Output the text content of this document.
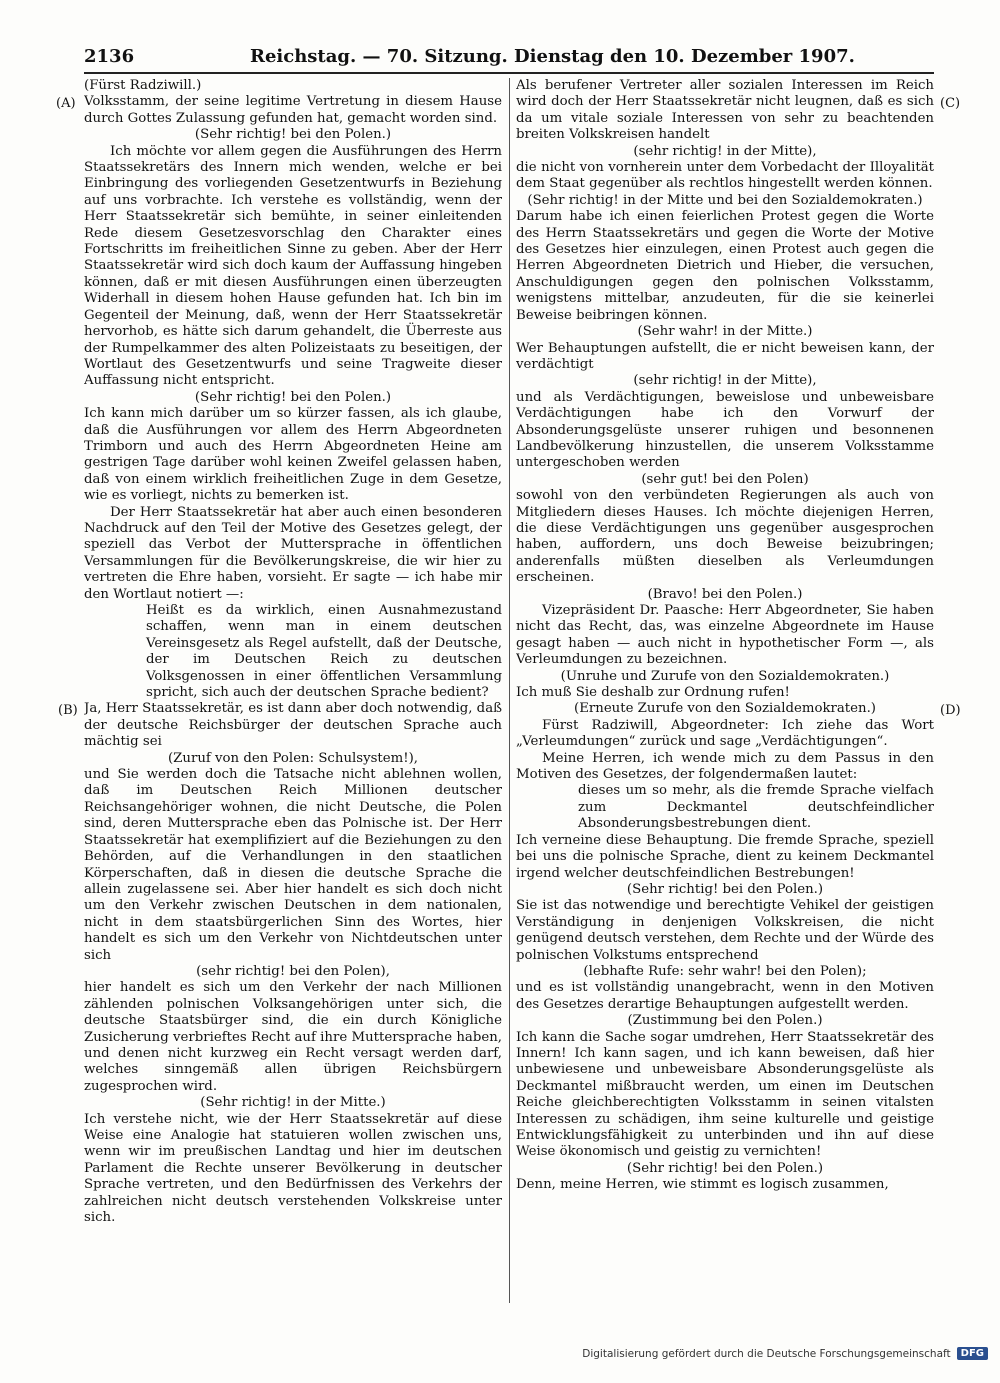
2136	Reichstag. — 70. Sitzung. Dienstag den 10. Dezember 1907.
(A)
(B)
(C)
(D)

(Fürst Radziwill.)

Volksstamm, der seine legitime Vertretung in diesem Hause durch Gottes Zulassung gefunden hat, gemacht worden sind.

(Sehr richtig! bei den Polen.)

Ich möchte vor allem gegen die Ausführungen des Herrn Staatssekretärs des Innern mich wenden, welche er bei Einbringung des vorliegenden Gesetzentwurfs in Beziehung auf uns vorbrachte. Ich verstehe es vollständig, wenn der Herr Staatssekretär sich bemühte, in seiner einleitenden Rede diesem Gesetzesvorschlag den Charakter eines Fortschritts im freiheitlichen Sinne zu geben. Aber der Herr Staatssekretär wird sich doch kaum der Auffassung hingeben können, daß er mit diesen Ausführungen einen überzeugten Widerhall in diesem hohen Hause gefunden hat. Ich bin im Gegenteil der Meinung, daß, wenn der Herr Staatssekretär hervorhob, es hätte sich darum gehandelt, die Überreste aus der Rumpelkammer des alten Polizeistaats zu beseitigen, der Wortlaut des Gesetzentwurfs und seine Tragweite dieser Auffassung nicht entspricht.

(Sehr richtig! bei den Polen.)

Ich kann mich darüber um so kürzer fassen, als ich glaube, daß die Ausführungen vor allem des Herrn Abgeordneten Trimborn und auch des Herrn Abgeordneten Heine am gestrigen Tage darüber wohl keinen Zweifel gelassen haben, daß von einem wirklich freiheitlichen Zuge in dem Gesetze, wie es vorliegt, nichts zu bemerken ist.

Der Herr Staatssekretär hat aber auch einen besonderen Nachdruck auf den Teil der Motive des Gesetzes gelegt, der speziell das Verbot der Muttersprache in öffentlichen Versammlungen für die Bevölkerungskreise, die wir hier zu vertreten die Ehre haben, vorsieht. Er sagte — ich habe mir den Wortlaut notiert —:

Heißt es da wirklich, einen Ausnahmezustand schaffen, wenn man in einem deutschen Vereinsgesetz als Regel aufstellt, daß der Deutsche, der im Deutschen Reich zu deutschen Volksgenossen in einer öffentlichen Versammlung spricht, sich auch der deutschen Sprache bedient?

Ja, Herr Staatssekretär, es ist dann aber doch notwendig, daß der deutsche Reichsbürger der deutschen Sprache auch mächtig sei

(Zuruf von den Polen: Schulsystem!),

und Sie werden doch die Tatsache nicht ablehnen wollen, daß im Deutschen Reich Millionen deutscher Reichsangehöriger wohnen, die nicht Deutsche, die Polen sind, deren Muttersprache eben das Polnische ist. Der Herr Staatssekretär hat exemplifiziert auf die Beziehungen zu den Behörden, auf die Verhandlungen in den staatlichen Körperschaften, daß in diesen die deutsche Sprache die allein zugelassene sei. Aber hier handelt es sich doch nicht um den Verkehr zwischen Deutschen in dem nationalen, nicht in dem staatsbürgerlichen Sinn des Wortes, hier handelt es sich um den Verkehr von Nichtdeutschen unter sich

(sehr richtig! bei den Polen),

hier handelt es sich um den Verkehr der nach Millionen zählenden polnischen Volksangehörigen unter sich, die deutsche Staatsbürger sind, die ein durch Königliche Zusicherung verbrieftes Recht auf ihre Muttersprache haben, und denen nicht kurzweg ein Recht versagt werden darf, welches sinngemäß allen übrigen Reichsbürgern zugesprochen wird.

(Sehr richtig! in der Mitte.)

Ich verstehe nicht, wie der Herr Staatssekretär auf diese Weise eine Analogie hat statuieren wollen zwischen uns, wenn wir im preußischen Landtag und hier im deutschen Parlament die Rechte unserer Bevölkerung in deutscher Sprache vertreten, und den Bedürfnissen des Verkehrs der zahlreichen nicht deutsch verstehenden Volkskreise unter sich.

Als berufener Vertreter aller sozialen Interessen im Reich wird doch der Herr Staatssekretär nicht leugnen, daß es sich da um vitale soziale Interessen von sehr zu beachtenden breiten Volkskreisen handelt

(sehr richtig! in der Mitte),

die nicht von vornherein unter dem Vorbedacht der Illoyalität dem Staat gegenüber als rechtlos hingestellt werden können.

(Sehr richtig! in der Mitte und bei den Sozialdemokraten.)

Darum habe ich einen feierlichen Protest gegen die Worte des Herrn Staatssekretärs und gegen die Worte der Motive des Gesetzes hier einzulegen, einen Protest auch gegen die Herren Abgeordneten Dietrich und Hieber, die versuchen, Anschuldigungen gegen den polnischen Volksstamm, wenigstens mittelbar, anzudeuten, für die sie keinerlei Beweise beibringen können.

(Sehr wahr! in der Mitte.)

Wer Behauptungen aufstellt, die er nicht beweisen kann, der verdächtigt

(sehr richtig! in der Mitte),

und als Verdächtigungen, beweislose und unbeweisbare Verdächtigungen habe ich den Vorwurf der Absonderungsgelüste unserer ruhigen und besonnenen Landbevölkerung hinzustellen, die unserem Volksstamme untergeschoben werden

(sehr gut! bei den Polen)

sowohl von den verbündeten Regierungen als auch von Mitgliedern dieses Hauses. Ich möchte diejenigen Herren, die diese Verdächtigungen uns gegenüber ausgesprochen haben, auffordern, uns doch Beweise beizubringen; anderenfalls müßten dieselben als Verleumdungen erscheinen.

(Bravo! bei den Polen.)

Vizepräsident Dr. Paasche: Herr Abgeordneter, Sie haben nicht das Recht, das, was einzelne Abgeordnete im Hause gesagt haben — auch nicht in hypothetischer Form —, als Verleumdungen zu bezeichnen.

(Unruhe und Zurufe von den Sozialdemokraten.)

Ich muß Sie deshalb zur Ordnung rufen!

(Erneute Zurufe von den Sozialdemokraten.)

Fürst Radziwill, Abgeordneter: Ich ziehe das Wort „Verleumdungen“ zurück und sage „Verdächtigungen“.

Meine Herren, ich wende mich zu dem Passus in den Motiven des Gesetzes, der folgendermaßen lautet:

dieses um so mehr, als die fremde Sprache vielfach zum Deckmantel deutschfeindlicher Absonderungsbestrebungen dient.

Ich verneine diese Behauptung. Die fremde Sprache, speziell bei uns die polnische Sprache, dient zu keinem Deckmantel irgend welcher deutschfeindlichen Bestrebungen!

(Sehr richtig! bei den Polen.)

Sie ist das notwendige und berechtigte Vehikel der geistigen Verständigung in denjenigen Volkskreisen, die nicht genügend deutsch verstehen, dem Rechte und der Würde des polnischen Volkstums entsprechend

(lebhafte Rufe: sehr wahr! bei den Polen);

und es ist vollständig unangebracht, wenn in den Motiven des Gesetzes derartige Behauptungen aufgestellt werden.

(Zustimmung bei den Polen.)

Ich kann die Sache sogar umdrehen, Herr Staatssekretär des Innern! Ich kann sagen, und ich kann beweisen, daß hier unbewiesene und unbeweisbare Absonderungsgelüste als Deckmantel mißbraucht werden, um einen im Deutschen Reiche gleichberechtigten Volksstamm in seinen vitalsten Interessen zu schädigen, ihm seine kulturelle und geistige Entwicklungsfähigkeit zu unterbinden und ihn auf diese Weise ökonomisch und geistig zu vernichten!

(Sehr richtig! bei den Polen.)

Denn, meine Herren, wie stimmt es logisch zusammen,

Digitalisierung gefördert durch die Deutsche Forschungsgemeinschaft	DFG
